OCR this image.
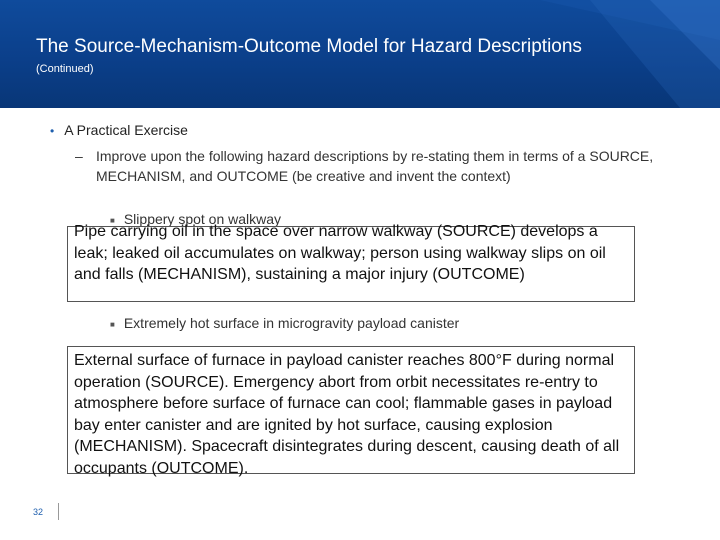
The Source-Mechanism-Outcome Model for Hazard Descriptions
(Continued)
• A Practical Exercise
– Improve upon the following hazard descriptions by re-stating them in terms of a SOURCE, MECHANISM, and OUTCOME (be creative and invent the context)
■ Slippery spot on walkway
Pipe carrying oil in the space over narrow walkway (SOURCE) develops a leak; leaked oil accumulates on walkway; person using walkway slips on oil and falls (MECHANISM), sustaining a major injury (OUTCOME)
■ Extremely hot surface in microgravity payload canister
External surface of furnace in payload canister reaches 800°F during normal operation (SOURCE). Emergency abort from orbit necessitates re-entry to atmosphere before surface of furnace can cool; flammable gases in payload bay enter canister and are ignited by hot surface, causing explosion (MECHANISM). Spacecraft disintegrates during descent, causing death of all occupants (OUTCOME).
32
